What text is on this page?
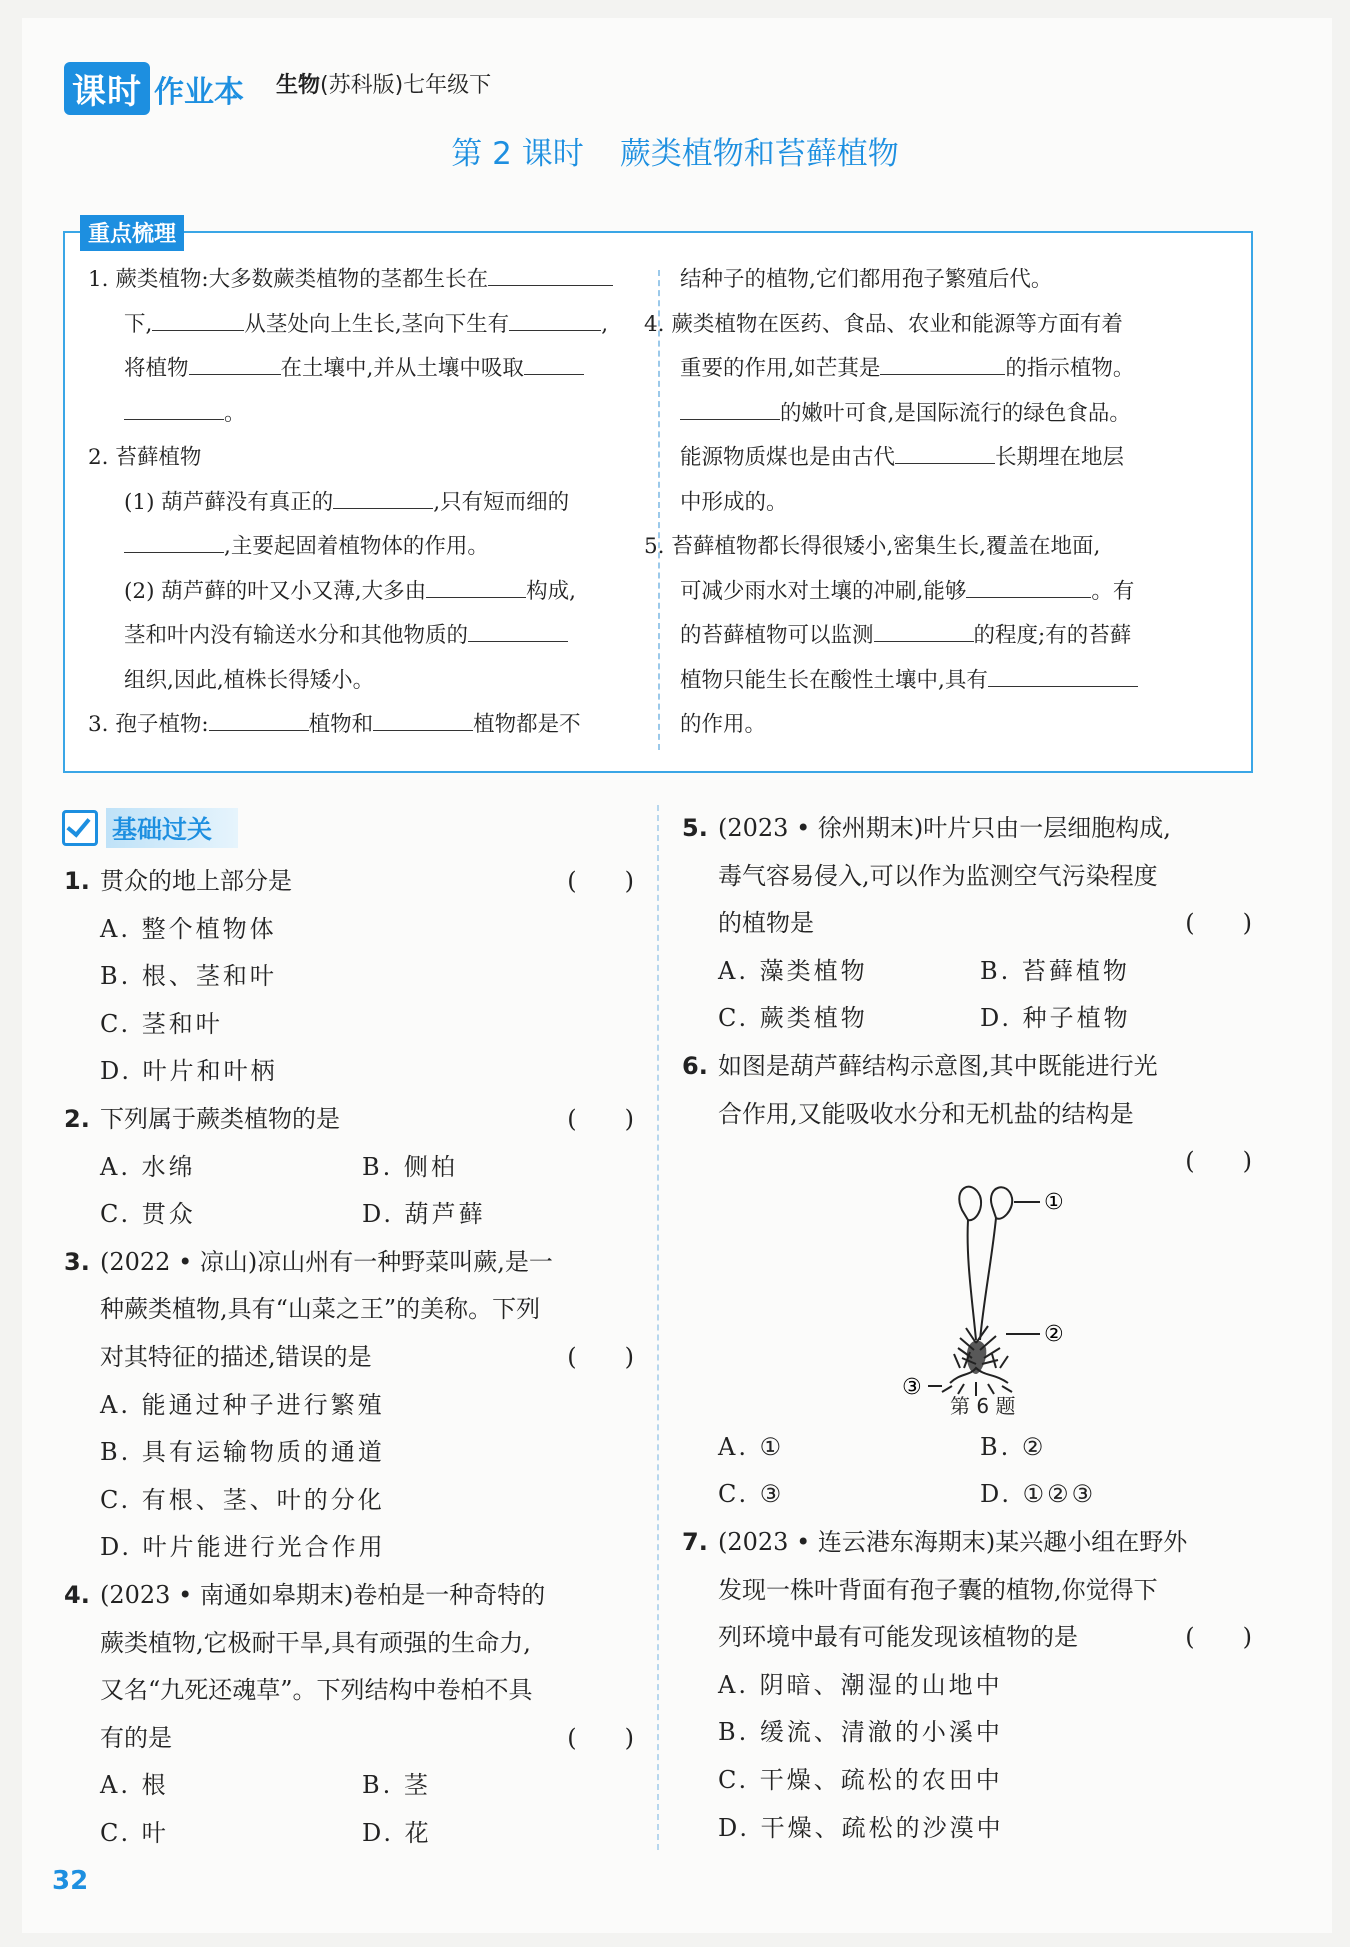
课时 作业本 生物(苏科版)七年级下
第 2 课时 蕨类植物和苔藓植物
重点梳理
1. 蕨类植物:大多数蕨类植物的茎都生长在
下,	从茎处向上生长,茎向下生有	,
将植物	在土壤中,并从土壤中吸取
。
2. 苔藓植物
(1) 葫芦藓没有真正的	,只有短而细的
,主要起固着植物体的作用。
(2) 葫芦藓的叶又小又薄,大多由	构成,
茎和叶内没有输送水分和其他物质的
组织,因此,植株长得矮小。
3. 孢子植物:	植物和	植物都是不
结种子的植物,它们都用孢子繁殖后代。
4. 蕨类植物在医药、食品、农业和能源等方面有着
重要的作用,如芒萁是	的指示植物。
的嫩叶可食,是国际流行的绿色食品。
能源物质煤也是由古代	长期埋在地层
中形成的。
5. 苔藓植物都长得很矮小,密集生长,覆盖在地面,
可减少雨水对土壤的冲刷,能够	。有
的苔藓植物可以监测	的程度;有的苔藓
植物只能生长在酸性土壤中,具有
的作用。
基础过关
1. 贯众的地上部分是	(　　)
A. 整个植物体
B. 根、茎和叶
C. 茎和叶
D. 叶片和叶柄
2. 下列属于蕨类植物的是	(　　)
A. 水绵	B. 侧柏
C. 贯众	D. 葫芦藓
3. (2022 • 凉山)凉山州有一种野菜叫蕨,是一
种蕨类植物,具有“山菜之王”的美称。下列
对其特征的描述,错误的是	(　　)
A. 能通过种子进行繁殖
B. 具有运输物质的通道
C. 有根、茎、叶的分化
D. 叶片能进行光合作用
4. (2023 • 南通如皋期末)卷柏是一种奇特的
蕨类植物,它极耐干旱,具有顽强的生命力,
又名“九死还魂草”。下列结构中卷柏不具
有的是	(　　)
A. 根	B. 茎
C. 叶	D. 花
5. (2023 • 徐州期末)叶片只由一层细胞构成,
毒气容易侵入,可以作为监测空气污染程度
的植物是	(　　)
A. 藻类植物	B. 苔藓植物
C. 蕨类植物	D. 种子植物
6. 如图是葫芦藓结构示意图,其中既能进行光
合作用,又能吸收水分和无机盐的结构是
(　　)
A. ①	B. ②
C. ③	D. ①②③
7. (2023 • 连云港东海期末)某兴趣小组在野外
发现一株叶背面有孢子囊的植物,你觉得下
列环境中最有可能发现该植物的是	(　　)
A. 阴暗、潮湿的山地中
B. 缓流、清澈的小溪中
C. 干燥、疏松的农田中
D. 干燥、疏松的沙漠中
①
②
③
第 6 题
32
